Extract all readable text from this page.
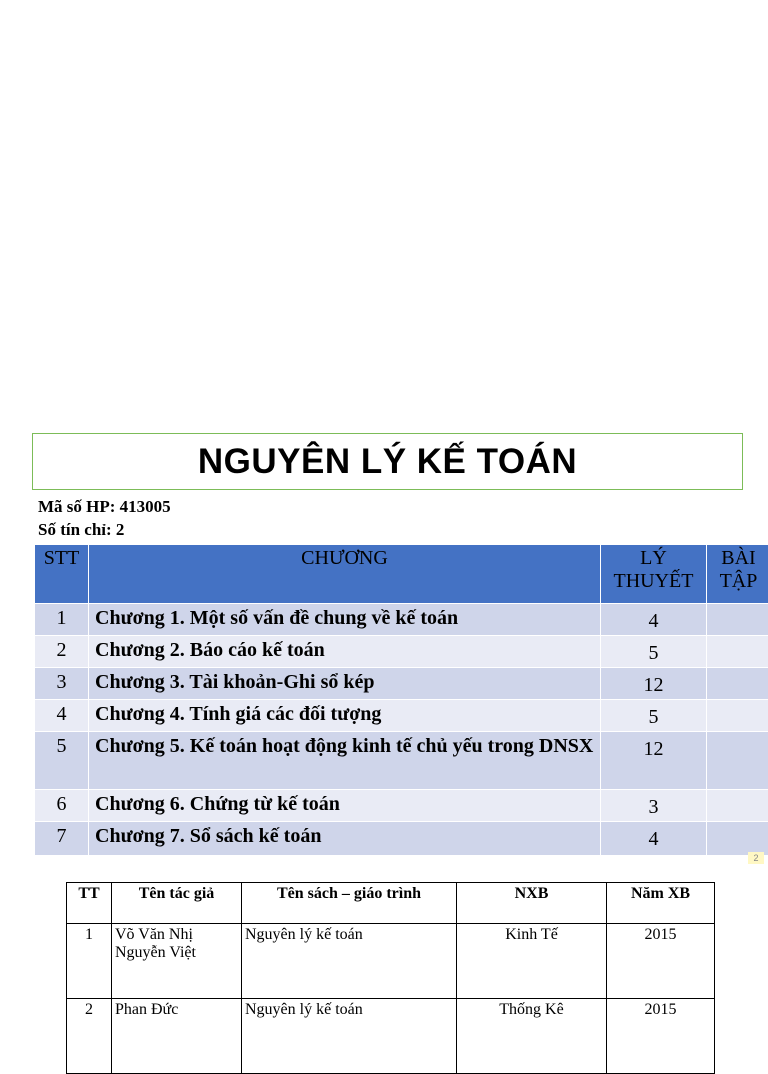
NGUYÊN LÝ KẾ TOÁN
Mã số HP: 413005
Số tín chỉ: 2
STT	CHƯƠNG	LÝ THUYẾT	BÀI TẬP
1	Chương 1. Một số vấn đề chung về kế toán	4	
2	Chương 2. Báo cáo kế toán	5	
3	Chương 3. Tài khoản-Ghi sổ kép	12	
4	Chương 4. Tính giá các đối tượng	5	
5	Chương 5. Kế toán hoạt động kinh tế chủ yếu trong DNSX	12	
6	Chương 6. Chứng từ kế toán	3	
7	Chương 7. Sổ sách kế toán	4	
2
TT	Tên tác giả	Tên sách – giáo trình	NXB	Năm XB
1	Võ Văn Nhị Nguyễn Việt	Nguyên lý kế toán	Kinh Tế	2015
2	Phan Đức	Nguyên lý kế toán	Thống Kê	2015
